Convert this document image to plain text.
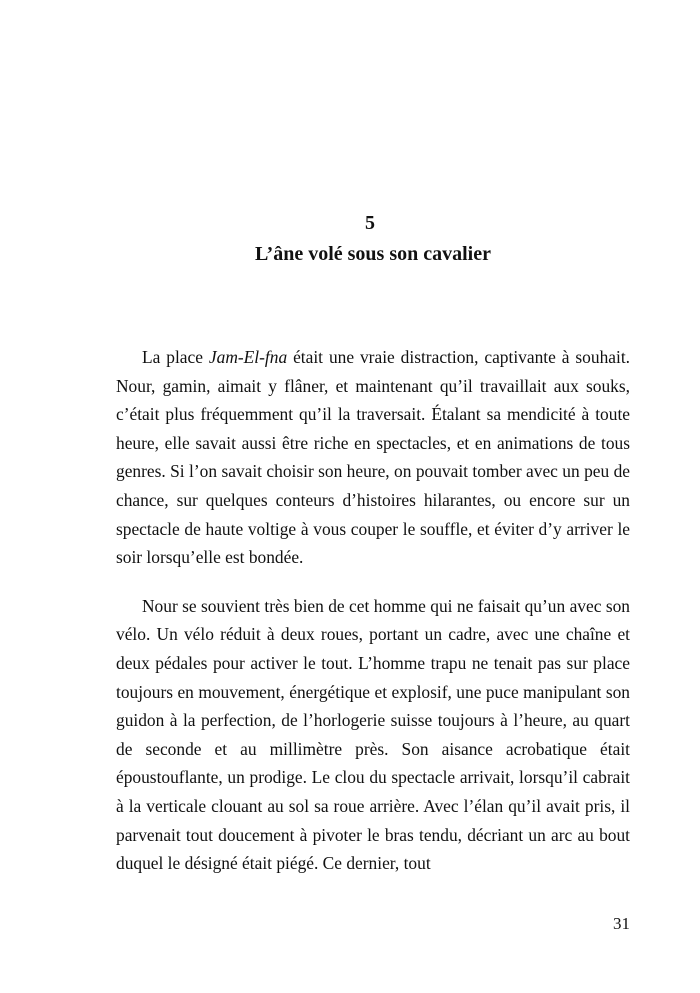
5
L’âne volé sous son cavalier

La place Jam-El-fna était une vraie distraction, captivante à souhait. Nour, gamin, aimait y flâner, et maintenant qu’il travaillait aux souks, c’était plus fréquemment qu’il la traversait. Étalant sa mendicité à toute heure, elle savait aussi être riche en spectacles, et en animations de tous genres. Si l’on savait choisir son heure, on pouvait tomber avec un peu de chance, sur quelques conteurs d’histoires hilarantes, ou encore sur un spectacle de haute voltige à vous couper le souffle, et éviter d’y arriver le soir lorsqu’elle est bondée.

Nour se souvient très bien de cet homme qui ne faisait qu’un avec son vélo. Un vélo réduit à deux roues, portant un cadre, avec une chaîne et deux pédales pour activer le tout. L’homme trapu ne tenait pas sur place toujours en mouvement, énergétique et explosif, une puce manipulant son guidon à la perfection, de l’horlogerie suisse toujours à l’heure, au quart de seconde et au millimètre près. Son aisance acrobatique était époustouflante, un prodige. Le clou du spectacle arrivait, lorsqu’il cabrait à la verticale clouant au sol sa roue arrière. Avec l’élan qu’il avait pris, il parvenait tout doucement à pivoter le bras tendu, décriant un arc au bout duquel le désigné était piégé. Ce dernier, tout

31
